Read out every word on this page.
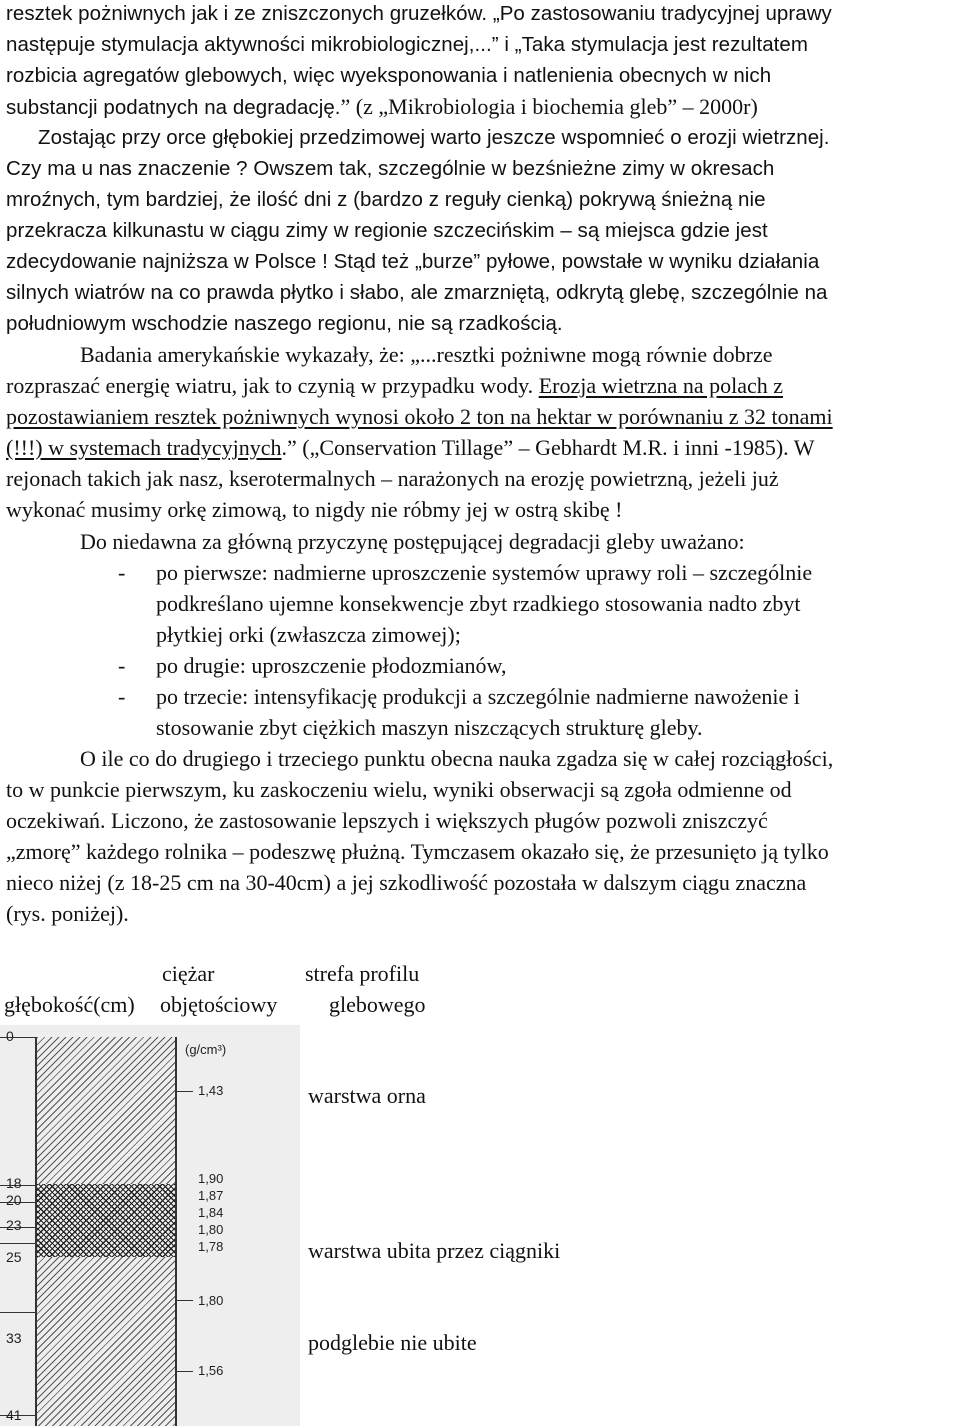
resztek pożniwnych jak i ze zniszczonych gruzełków. „Po zastosowaniu tradycyjnej uprawy
następuje stymulacja aktywności mikrobiologicznej,...” i „Taka stymulacja jest rezultatem
rozbicia agregatów glebowych, więc wyeksponowania i natlenienia obecnych w nich
substancji podatnych na degradację.” (z „Mikrobiologia i biochemia gleb” – 2000r)
Zostając przy orce głębokiej przedzimowej warto jeszcze wspomnieć o erozji wietrznej.
Czy ma u nas znaczenie ? Owszem tak, szczególnie w bezśnieżne zimy w okresach
mroźnych, tym bardziej, że ilość dni z (bardzo z reguły cienką) pokrywą śnieżną nie
przekracza kilkunastu w ciągu zimy w regionie szczecińskim – są miejsca gdzie jest
zdecydowanie najniższa w Polsce ! Stąd też „burze” pyłowe, powstałe w wyniku działania
silnych wiatrów na co prawda płytko i słabo, ale zmarzniętą, odkrytą glebę, szczególnie na
południowym wschodzie naszego regionu, nie są rzadkością.
Badania amerykańskie wykazały, że: „...resztki pożniwne mogą równie dobrze
rozpraszać energię wiatru, jak to czynią w przypadku wody. Erozja wietrzna na polach z
pozostawianiem resztek pożniwnych wynosi około 2 ton na hektar w porównaniu z 32 tonami
(!!!) w systemach tradycyjnych.” („Conservation Tillage” – Gebhardt M.R. i inni -1985). W
rejonach takich jak nasz, kserotermalnych – narażonych na erozję powietrzną, jeżeli już
wykonać musimy orkę zimową, to nigdy nie róbmy jej w ostrą skibę !
Do niedawna za główną przyczynę postępującej degradacji gleby uważano:
- po pierwsze: nadmierne uproszczenie systemów uprawy roli – szczególnie
podkreślano ujemne konsekwencje zbyt rzadkiego stosowania nadto zbyt
płytkiej orki (zwłaszcza zimowej);
- po drugie: uproszczenie płodozmianów,
- po trzecie: intensyfikację produkcji a szczególnie nadmierne nawożenie i
stosowanie zbyt ciężkich maszyn niszczących strukturę gleby.
O ile co do drugiego i trzeciego punktu obecna nauka zgadza się w całej rozciągłości,
to w punkcie pierwszym, ku zaskoczeniu wielu, wyniki obserwacji są zgoła odmienne od
oczekiwań. Liczono, że zastosowanie lepszych i większych pługów pozwoli zniszczyć
„zmorę” każdego rolnika – podeszwę płużną. Tymczasem okazało się, że przesunięto ją tylko
nieco niżej (z 18-25 cm na 30-40cm) a jej szkodliwość pozostała w dalszym ciągu znaczna
(rys. poniżej).
ciężar	strefa profilu
głębokość(cm) objętościowy glebowego
0
18
20
23
25
33
41
(g/cm³)
1,43
1,90
1,87
1,84
1,80
1,78
1,80
1,56
warstwa orna
warstwa ubita przez ciągniki
podglebie nie ubite
